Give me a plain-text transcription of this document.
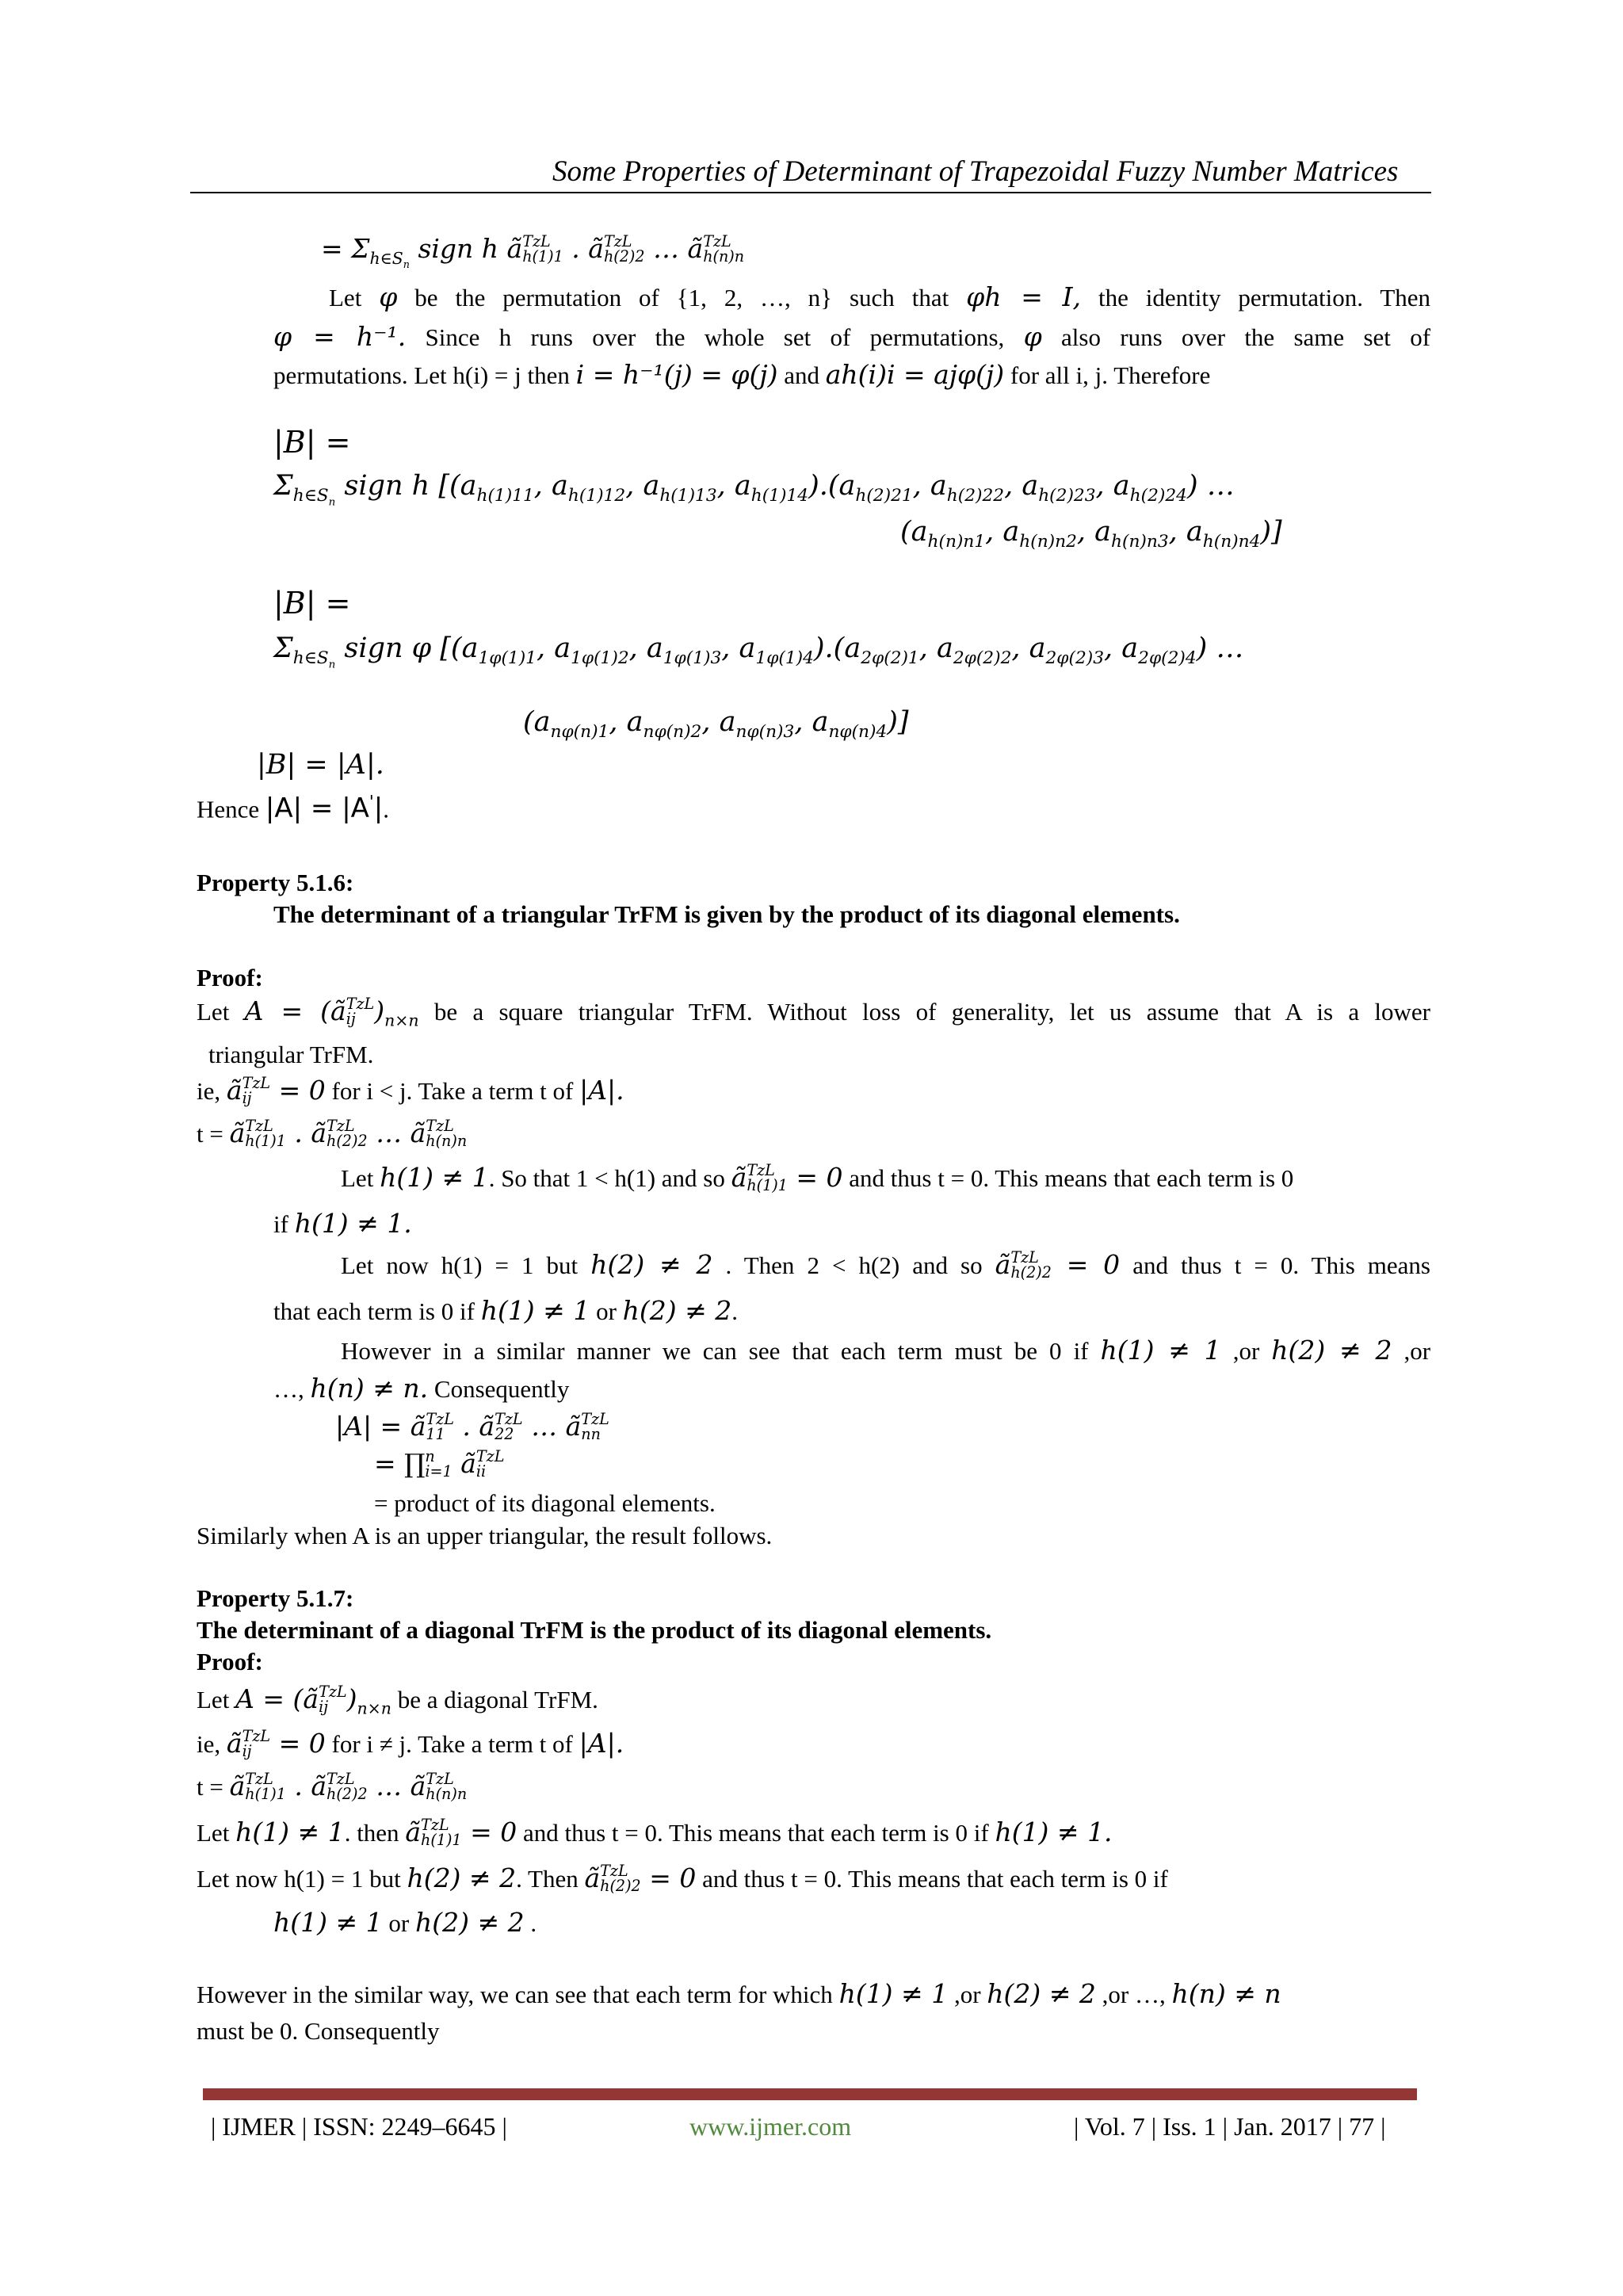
Some Properties of Determinant of Trapezoidal Fuzzy Number Matrices
= $\Sigma_{h\in S_n}$ sign h ã TzL
h(1)1 . ã TzL
h(2)2 … ã TzL
h(n)n
Let φ be the permutation of {1, 2, …, n} such that φh = I, the identity permutation. Then
φ = h⁻¹. Since h runs over the whole set of permutations, φ also runs over the same set of
permutations. Let h(i) = j then i = h⁻¹(j) = φ(j) and ah(i)i = ajφ(j) for all i, j. Therefore
|B| =
$\Sigma_{h\in S_n}$ sign h [($a_{h(1)11}$, $a_{h(1)12}$, $a_{h(1)13}$, $a_{h(1)14}).(a_{h(2)21}$, $a_{h(2)22}$, $a_{h(2)23}$, $a_{h(2)24}$) …
($a_{h(n)n1}$, $a_{h(n)n2}$, $a_{h(n)n3}$, $a_{h(n)n4}$)]
|B| =
$\Sigma_{h\in S_n}$ sign φ [($a_{1\varphi(1)1}$, $a_{1\varphi(1)2}$, $a_{1\varphi(1)3}$, $a_{1\varphi(1)4}).(a_{2\varphi(2)1}$, $a_{2\varphi(2)2}$, $a_{2\varphi(2)3}$, $a_{2\varphi(2)4}$) …
($a_{n\varphi(n)1}$, $a_{n\varphi(n)2}$, $a_{n\varphi(n)3}$, $a_{n\varphi(n)4}$)]
|B| = |A|.
Hence |A| = |A'|.
Property 5.1.6:
The determinant of a triangular TrFM is given by the product of its diagonal elements.
Proof:
Let A = (ã TzL
ij )$_{n\times n}$ be a square triangular TrFM. Without loss of generality, let us assume that A is a lower
triangular TrFM.
ie, ã TzL
ij = 0 for i < j. Take a term t of |A|.
t = ã TzL
h(1)1 . ã TzL
h(2)2 … ã TzL
h(n)n
Let h(1) ≠ 1. So that 1 < h(1) and so ã TzL
h(1)1 = 0 and thus t = 0. This means that each term is 0
if h(1) ≠ 1.
Let now h(1) = 1 but h(2) ≠ 2 . Then 2 < h(2) and so ã TzL
h(2)2 = 0 and thus t = 0. This means
that each term is 0 if h(1) ≠ 1 or h(2) ≠ 2.
However in a similar manner we can see that each term must be 0 if h(1) ≠ 1 ,or h(2) ≠ 2 ,or
…, h(n) ≠ n. Consequently
|A| = ã TzL
11 . ã TzL
22 … ã TzL
nn
= ∏ n
i=1 ã TzL
ii
= product of its diagonal elements.
Similarly when A is an upper triangular, the result follows.
Property 5.1.7:
The determinant of a diagonal TrFM is the product of its diagonal elements.
Proof:
Let A = (ã TzL
ij )$_{n\times n}$ be a diagonal TrFM.
ie, ã TzL
ij = 0 for i ≠ j. Take a term t of |A|.
t = ã TzL
h(1)1 . ã TzL
h(2)2 … ã TzL
h(n)n
Let h(1) ≠ 1. then ã TzL
h(1)1 = 0 and thus t = 0. This means that each term is 0 if h(1) ≠ 1.
Let now h(1) = 1 but h(2) ≠ 2. Then ã TzL
h(2)2 = 0 and thus t = 0. This means that each term is 0 if
h(1) ≠ 1 or h(2) ≠ 2 .
However in the similar way, we can see that each term for which h(1) ≠ 1 ,or h(2) ≠ 2 ,or …, h(n) ≠ n
must be 0. Consequently
| IJMER | ISSN: 2249–6645 |	www.ijmer.com	| Vol. 7 | Iss. 1 | Jan. 2017 | 77 |
